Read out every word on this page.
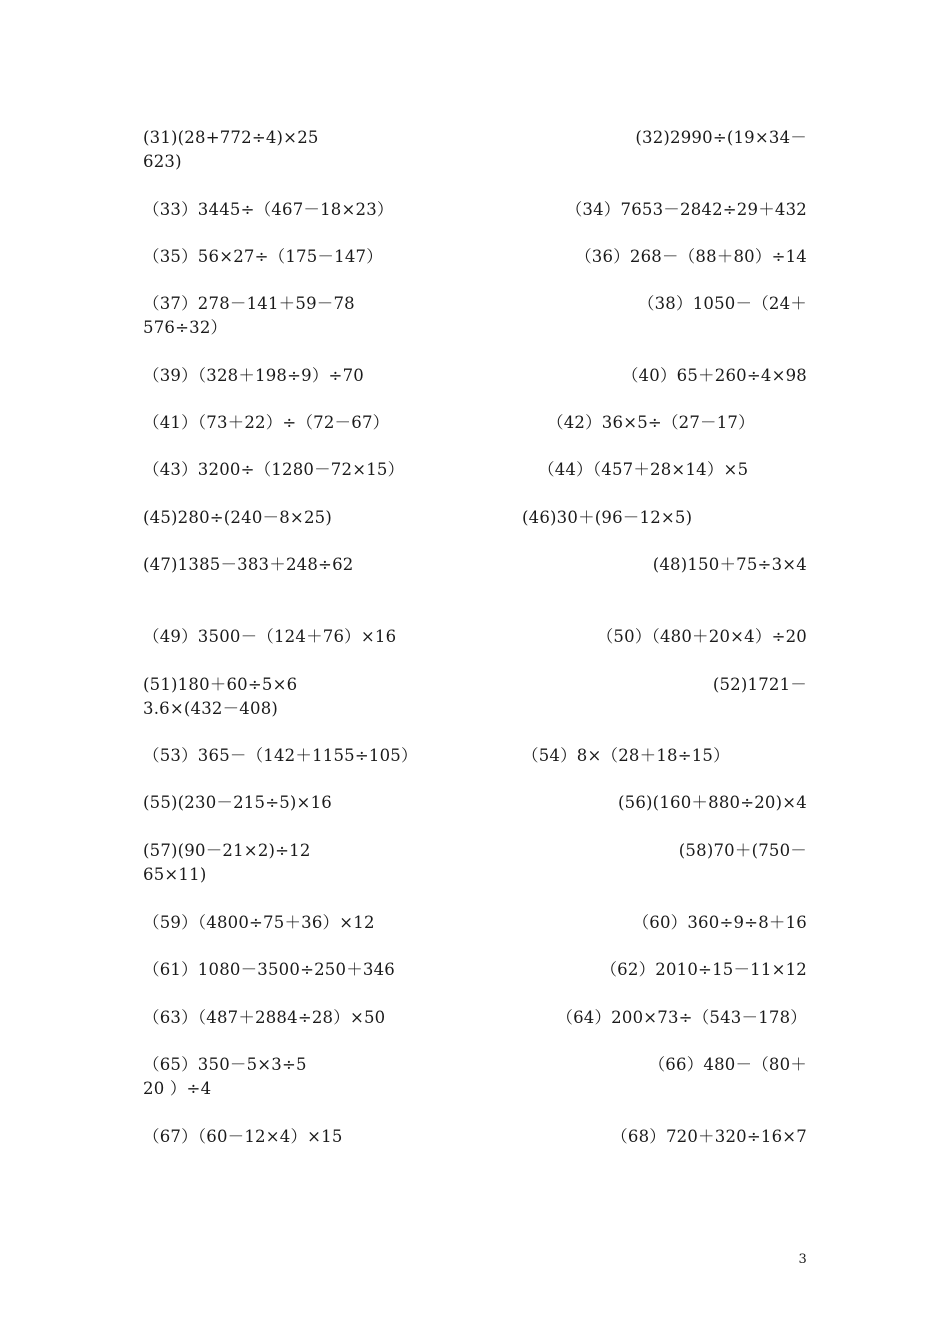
(31)(28+772÷4)×25	(32)2990÷(19×34－
623)
（33）3445÷（467－18×23）	（34）7653－2842÷29＋432
（35）56×27÷（175－147）	（36）268－（88＋80）÷14
（37）278－141＋59－78	（38）1050－（24＋
576÷32）
（39）（328＋198÷9）÷70	（40）65＋260÷4×98
（41）（73＋22）÷（72－67）	（42）36×5÷（27－17）
（43）3200÷（1280－72×15）	（44）（457＋28×14）×5
(45)280÷(240－8×25)	(46)30＋(96－12×5)
(47)1385－383＋248÷62	(48)150＋75÷3×4
（49）3500－（124＋76）×16	（50）（480＋20×4）÷20
(51)180＋60÷5×6	(52)1721－
3.6×(432－408)
（53）365－（142＋1155÷105）	（54）8×（28＋18÷15）
(55)(230－215÷5)×16	(56)(160＋880÷20)×4
(57)(90－21×2)÷12	(58)70＋(750－
65×11)
（59）（4800÷75＋36）×12	（60）360÷9÷8＋16
（61）1080－3500÷250＋346	（62）2010÷15－11×12
（63）（487＋2884÷28）×50	（64）200×73÷（543－178）
（65）350－5×3÷5	（66）480－（80＋
20 ）÷4
（67）（60－12×4）×15	（68）720＋320÷16×7
3
